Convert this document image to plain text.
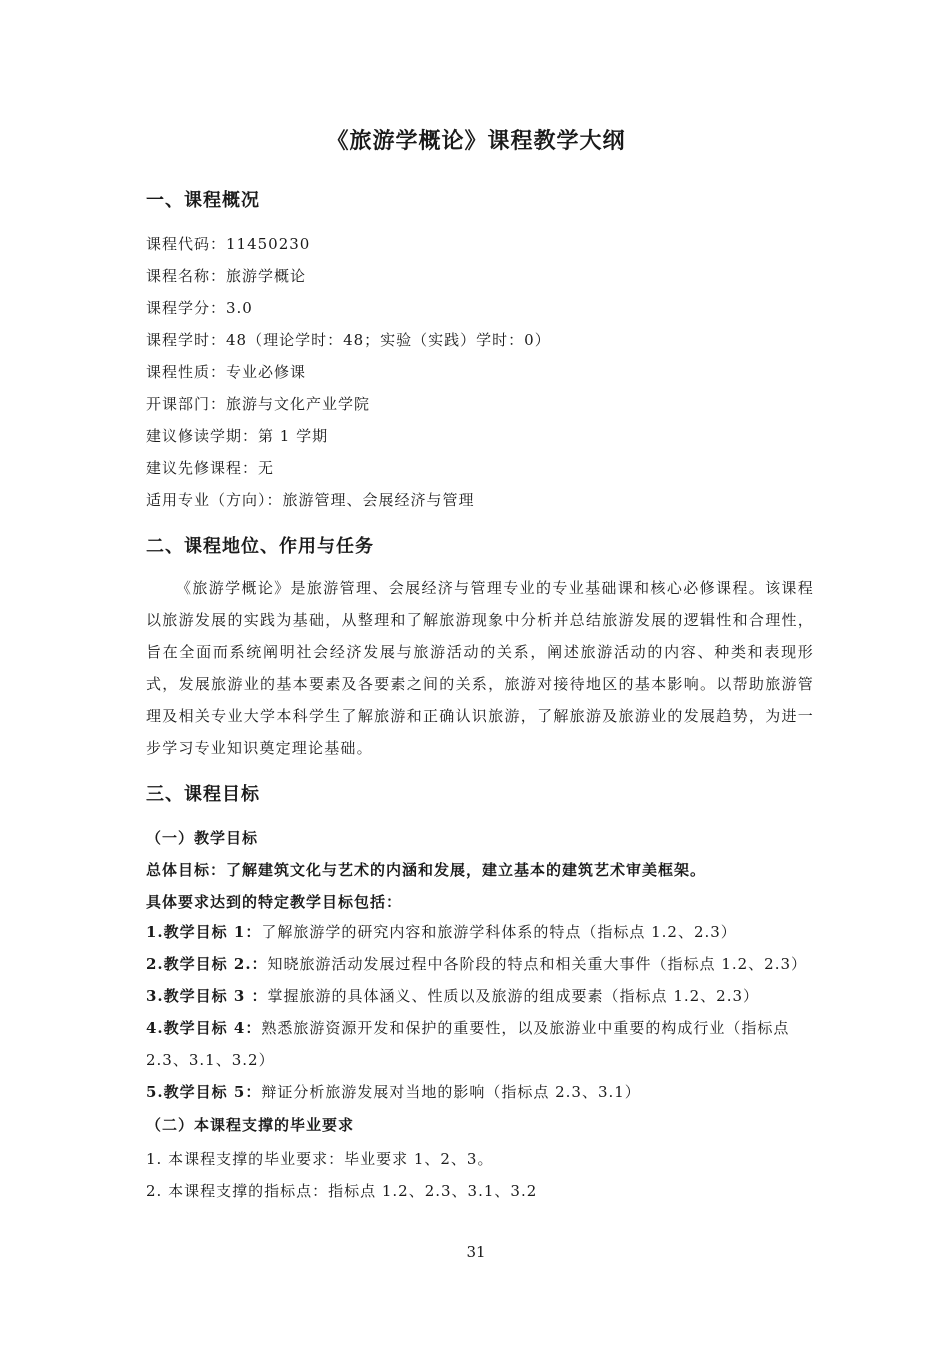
《旅游学概论》课程教学大纲
一、课程概况
课程代码：11450230
课程名称：旅游学概论
课程学分：3.0
课程学时：48（理论学时：48；实验（实践）学时：0）
课程性质：专业必修课
开课部门：旅游与文化产业学院
建议修读学期：第 1 学期
建议先修课程：无
适用专业（方向）：旅游管理、会展经济与管理
二、课程地位、作用与任务
《旅游学概论》是旅游管理、会展经济与管理专业的专业基础课和核心必修课程。该课程以旅游发展的实践为基础，从整理和了解旅游现象中分析并总结旅游发展的逻辑性和合理性，旨在全面而系统阐明社会经济发展与旅游活动的关系，阐述旅游活动的内容、种类和表现形式，发展旅游业的基本要素及各要素之间的关系，旅游对接待地区的基本影响。以帮助旅游管理及相关专业大学本科学生了解旅游和正确认识旅游，了解旅游及旅游业的发展趋势，为进一步学习专业知识奠定理论基础。
三、课程目标
（一）教学目标
总体目标：了解建筑文化与艺术的内涵和发展，建立基本的建筑艺术审美框架。
具体要求达到的特定教学目标包括：
1.教学目标 1：了解旅游学的研究内容和旅游学科体系的特点（指标点 1.2、2.3）
2.教学目标 2.：知晓旅游活动发展过程中各阶段的特点和相关重大事件（指标点 1.2、2.3）
3.教学目标 3 ：掌握旅游的具体涵义、性质以及旅游的组成要素（指标点 1.2、2.3）
4.教学目标 4：熟悉旅游资源开发和保护的重要性，以及旅游业中重要的构成行业（指标点 2.3、3.1、3.2）
5.教学目标 5：辩证分析旅游发展对当地的影响（指标点 2.3、3.1）
（二）本课程支撑的毕业要求
1. 本课程支撑的毕业要求：毕业要求 1、2、3。
2. 本课程支撑的指标点：指标点 1.2、2.3、3.1、3.2
31
